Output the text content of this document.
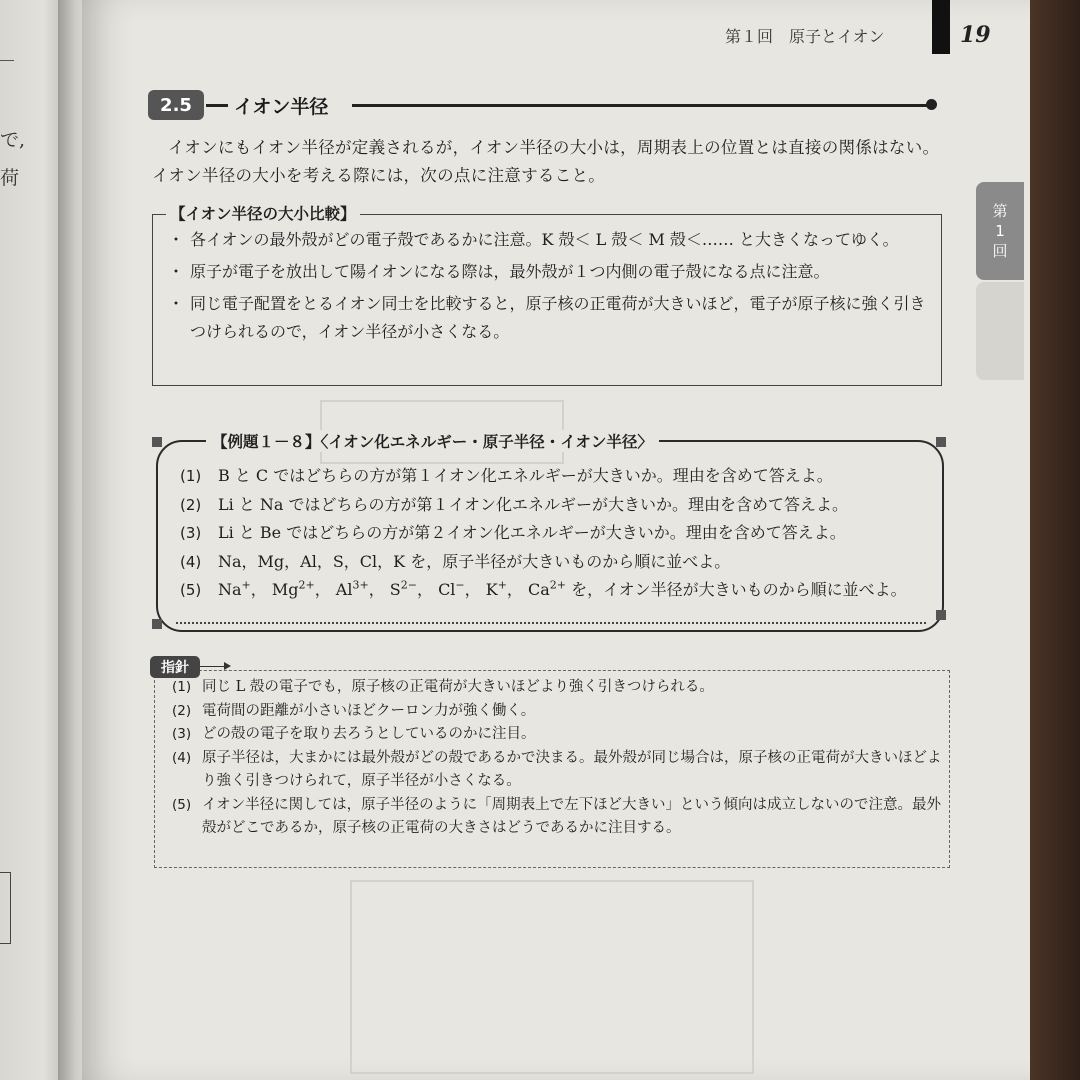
で,
荷
第１回　原子とイオン	19
第
1
回
2.5	イオン半径
イオンにもイオン半径が定義されるが，イオン半径の大小は，周期表上の位置とは直接の関係はない。
イオン半径の大小を考える際には，次の点に注意すること。
【イオン半径の大小比較】
・ 各イオンの最外殻がどの電子殻であるかに注意。K 殻＜ L 殻＜ M 殻＜…… と大きくなってゆく。
・ 原子が電子を放出して陽イオンになる際は，最外殻が１つ内側の電子殻になる点に注意。
・ 同じ電子配置をとるイオン同士を比較すると，原子核の正電荷が大きいほど，電子が原子核に強く引きつけられるので，イオン半径が小さくなる。
【例題１－８】〈イオン化エネルギー・原子半径・イオン半径〉
(1)	B と C ではどちらの方が第１イオン化エネルギーが大きいか。理由を含めて答えよ。
(2)	Li と Na ではどちらの方が第１イオン化エネルギーが大きいか。理由を含めて答えよ。
(3)	Li と Be ではどちらの方が第２イオン化エネルギーが大きいか。理由を含めて答えよ。
(4)	Na，Mg，Al，S，Cl，K を，原子半径が大きいものから順に並べよ。
(5)	Na+， $Mg^{2+}$， $Al^{3+}$， $S^{2-}$， Cl−， K+， $Ca^{2+}$ を，イオン半径が大きいものから順に並べよ。
指針
(1) 同じ L 殻の電子でも，原子核の正電荷が大きいほどより強く引きつけられる。
(2) 電荷間の距離が小さいほどクーロン力が強く働く。
(3) どの殻の電子を取り去ろうとしているのかに注目。
(4) 原子半径は，大まかには最外殻がどの殻であるかで決まる。最外殻が同じ場合は，原子核の正電荷が大きいほどより強く引きつけられて，原子半径が小さくなる。
(5) イオン半径に関しては，原子半径のように「周期表上で左下ほど大きい」という傾向は成立しないので注意。最外殻がどこであるか，原子核の正電荷の大きさはどうであるかに注目する。
